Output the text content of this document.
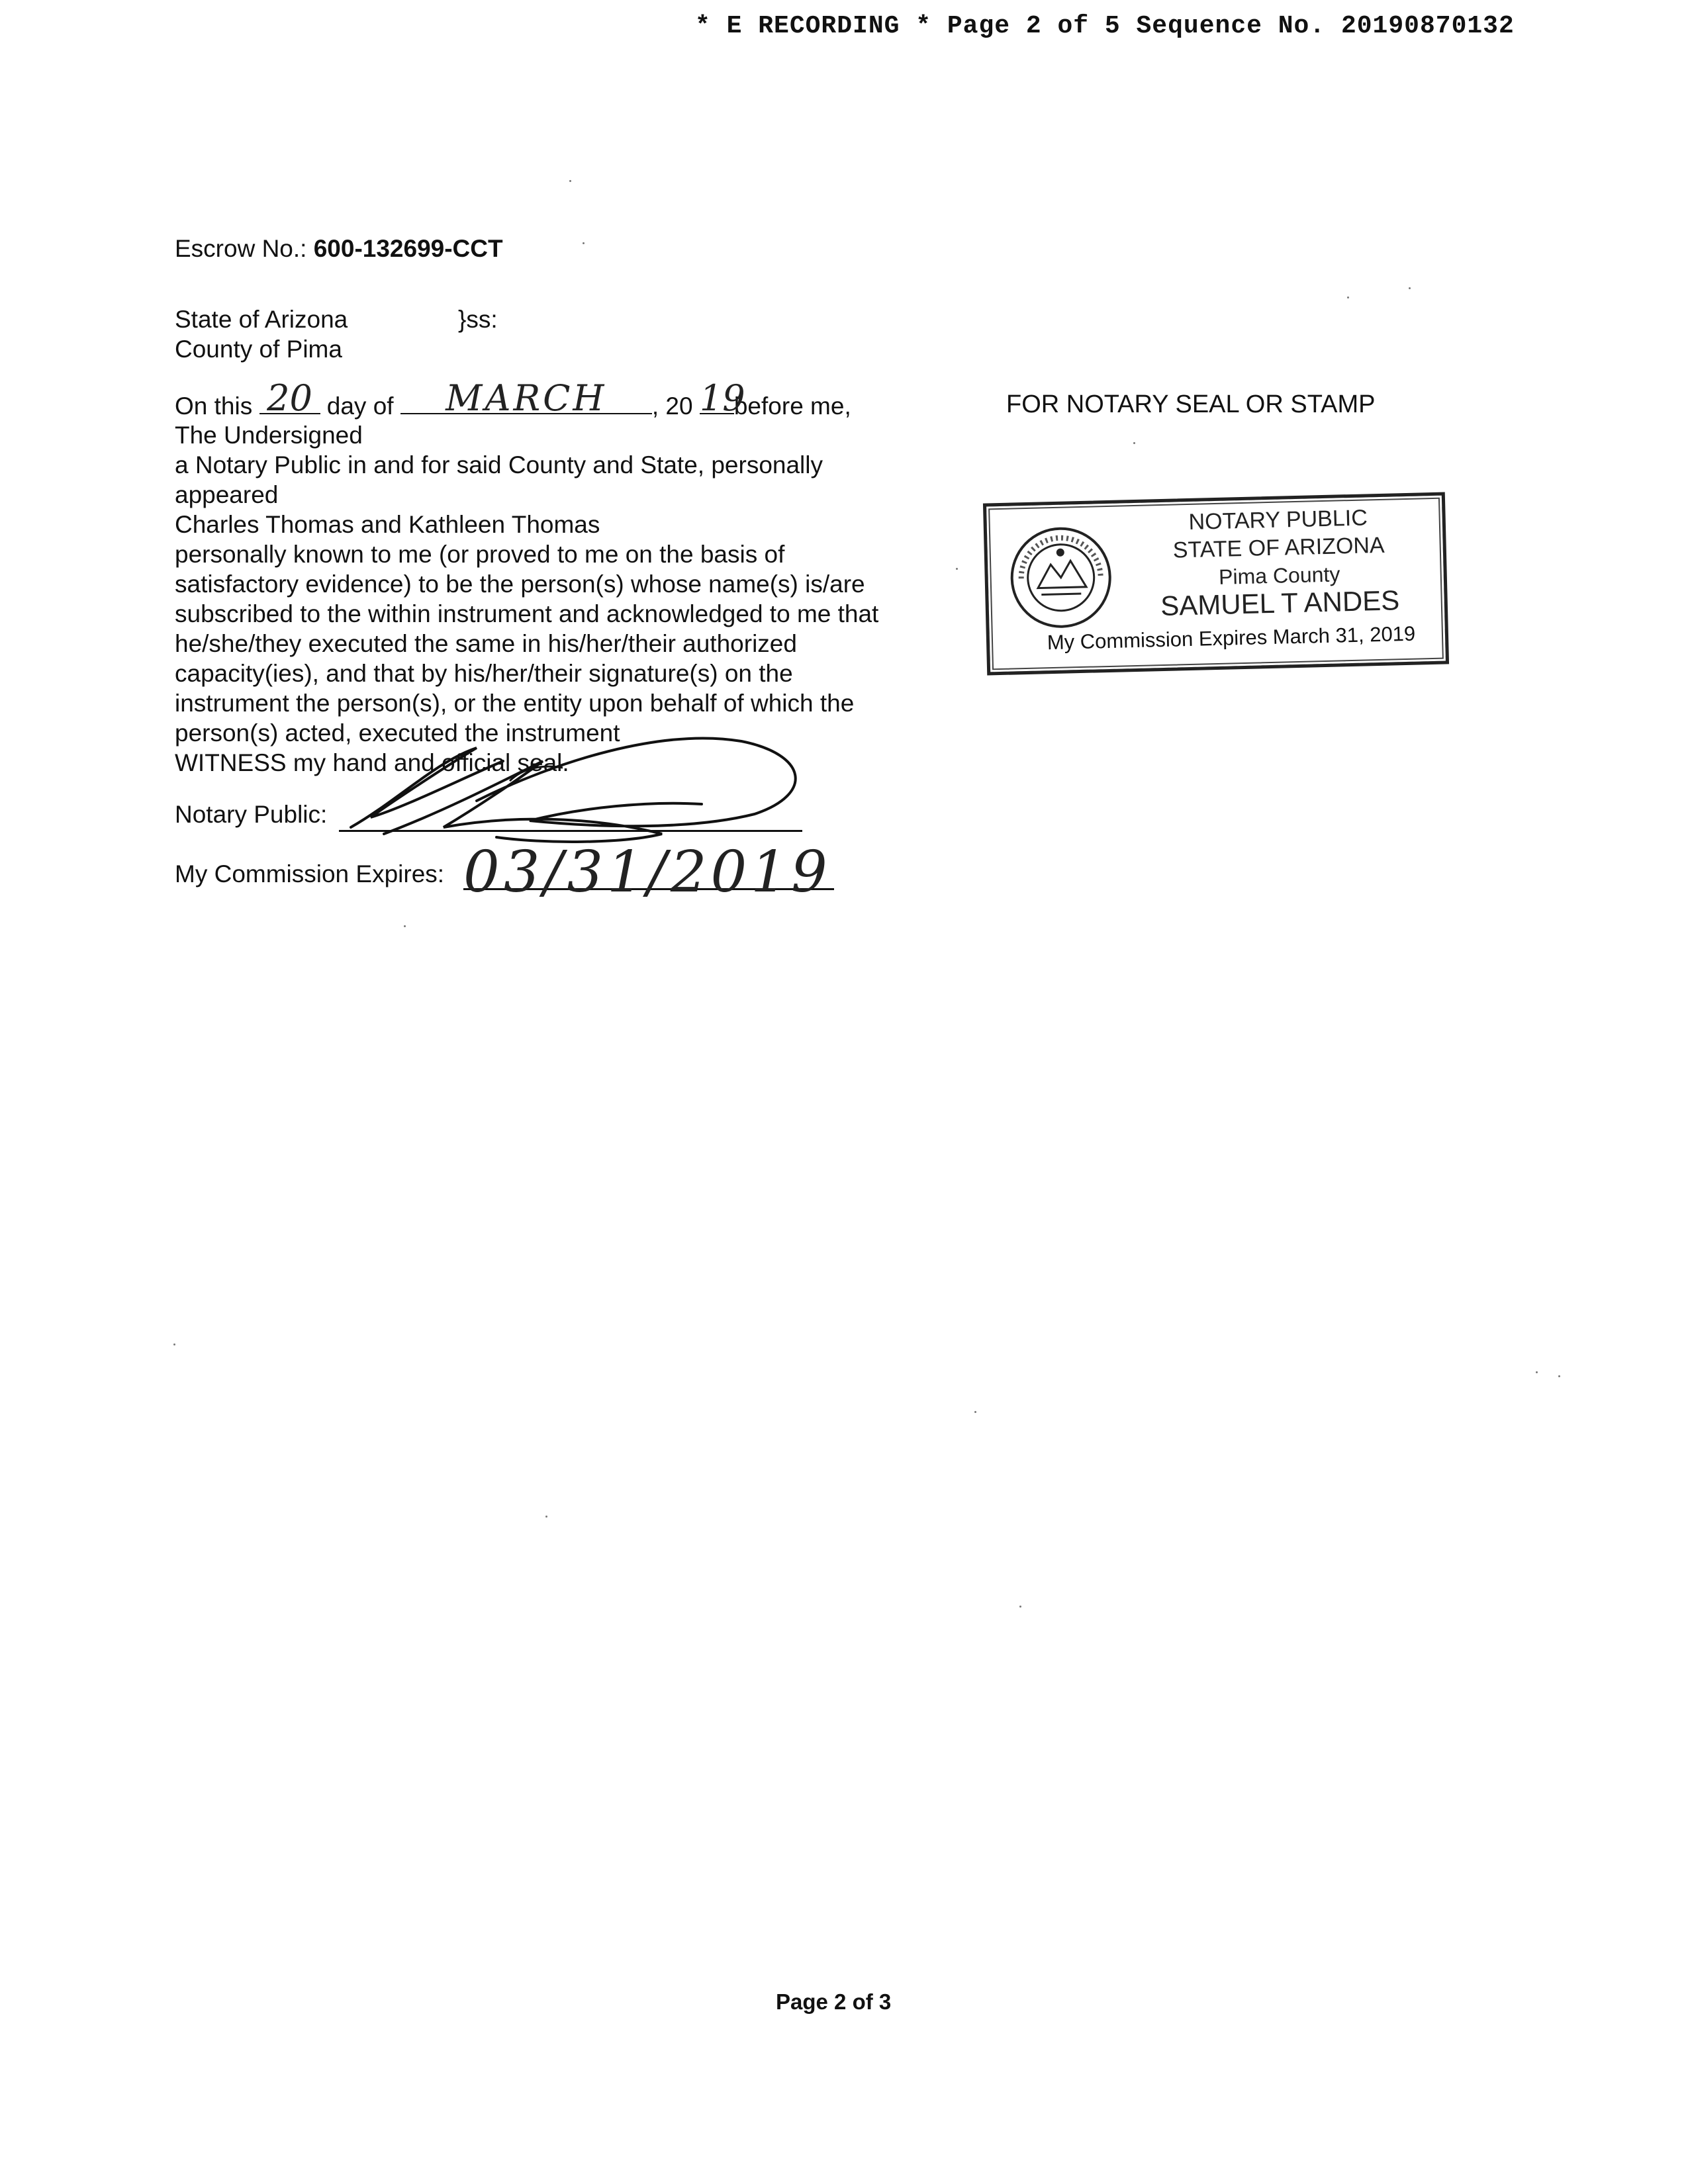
* E RECORDING * Page 2 of 5 Sequence No. 20190870132
Escrow No.: 600-132699-CCT
State of Arizona	}ss:
County of Pima
On this 20 day of	MARCH	, 20 19
before me,
The Undersigned
a Notary Public in and for said County and State, personally
appeared
Charles Thomas and Kathleen Thomas
personally known to me (or proved to me on the basis of
satisfactory evidence) to be the person(s) whose name(s) is/are
subscribed to the within instrument and acknowledged to me that
he/she/they executed the same in his/her/their authorized
capacity(ies), and that by his/her/their signature(s) on the
instrument the person(s), or the entity upon behalf of which the
person(s) acted, executed the instrument
WITNESS my hand and official seal.
Notary Public:
My Commission Expires: 03/31/2019
FOR NOTARY SEAL OR STAMP
NOTARY PUBLIC
STATE OF ARIZONA
Pima County
SAMUEL T ANDES
My Commission Expires March 31, 2019
Page 2 of 3
